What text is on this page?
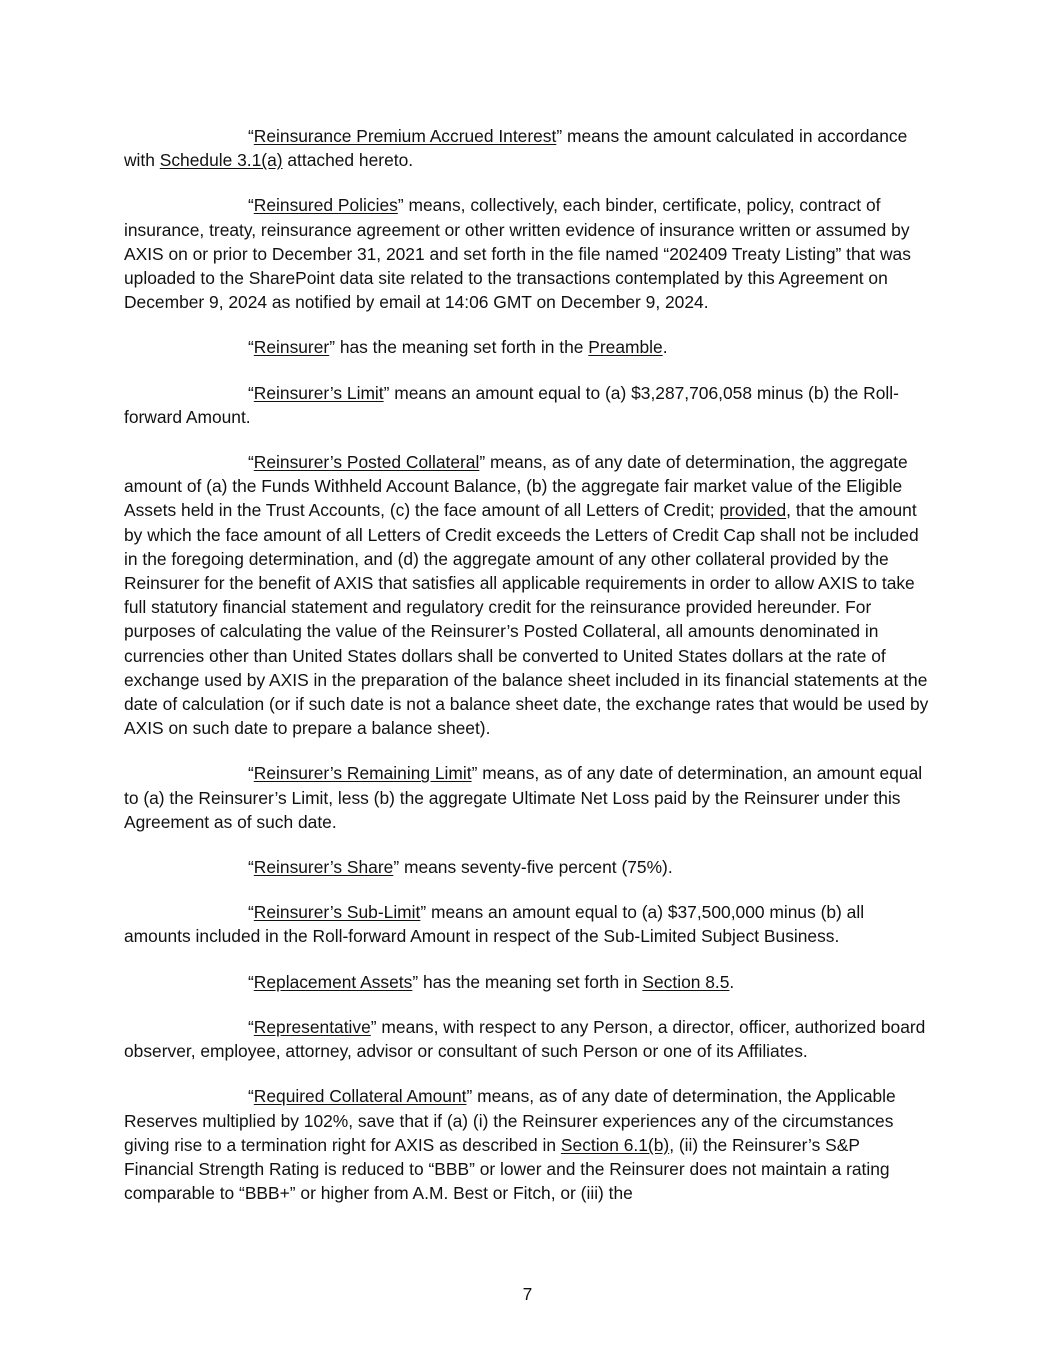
“Reinsurance Premium Accrued Interest” means the amount calculated in accordance with Schedule 3.1(a) attached hereto.

“Reinsured Policies” means, collectively, each binder, certificate, policy, contract of insurance, treaty, reinsurance agreement or other written evidence of insurance written or assumed by AXIS on or prior to December 31, 2021 and set forth in the file named “202409 Treaty Listing” that was uploaded to the SharePoint data site related to the transactions contemplated by this Agreement on December 9, 2024 as notified by email at 14:06 GMT on December 9, 2024.

“Reinsurer” has the meaning set forth in the Preamble.

“Reinsurer’s Limit” means an amount equal to (a) $3,287,706,058 minus (b) the Roll-forward Amount.

“Reinsurer’s Posted Collateral” means, as of any date of determination, the aggregate amount of (a) the Funds Withheld Account Balance, (b) the aggregate fair market value of the Eligible Assets held in the Trust Accounts, (c) the face amount of all Letters of Credit; provided, that the amount by which the face amount of all Letters of Credit exceeds the Letters of Credit Cap shall not be included in the foregoing determination, and (d) the aggregate amount of any other collateral provided by the Reinsurer for the benefit of AXIS that satisfies all applicable requirements in order to allow AXIS to take full statutory financial statement and regulatory credit for the reinsurance provided hereunder. For purposes of calculating the value of the Reinsurer’s Posted Collateral, all amounts denominated in currencies other than United States dollars shall be converted to United States dollars at the rate of exchange used by AXIS in the preparation of the balance sheet included in its financial statements at the date of calculation (or if such date is not a balance sheet date, the exchange rates that would be used by AXIS on such date to prepare a balance sheet).

“Reinsurer’s Remaining Limit” means, as of any date of determination, an amount equal to (a) the Reinsurer’s Limit, less (b) the aggregate Ultimate Net Loss paid by the Reinsurer under this Agreement as of such date.

“Reinsurer’s Share” means seventy-five percent (75%).

“Reinsurer’s Sub-Limit” means an amount equal to (a) $37,500,000 minus (b) all amounts included in the Roll-forward Amount in respect of the Sub-Limited Subject Business.

“Replacement Assets” has the meaning set forth in Section 8.5.

“Representative” means, with respect to any Person, a director, officer, authorized board observer, employee, attorney, advisor or consultant of such Person or one of its Affiliates.

“Required Collateral Amount” means, as of any date of determination, the Applicable Reserves multiplied by 102%, save that if (a) (i) the Reinsurer experiences any of the circumstances giving rise to a termination right for AXIS as described in Section 6.1(b), (ii) the Reinsurer’s S&P Financial Strength Rating is reduced to “BBB” or lower and the Reinsurer does not maintain a rating comparable to “BBB+” or higher from A.M. Best or Fitch, or (iii) the

7
